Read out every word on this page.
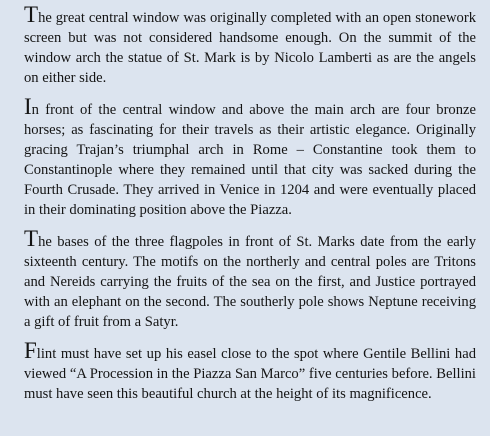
The great central window was originally completed with an open stonework screen but was not considered handsome enough. On the summit of the window arch the statue of St. Mark is by Nicolo Lamberti as are the angels on either side.

In front of the central window and above the main arch are four bronze horses; as fascinating for their travels as their artistic elegance. Originally gracing Trajan’s triumphal arch in Rome – Constantine took them to Constantinople where they remained until that city was sacked during the Fourth Crusade. They arrived in Venice in 1204 and were eventually placed in their dominating position above the Piazza.

The bases of the three flagpoles in front of St. Marks date from the early sixteenth century. The motifs on the northerly and central poles are Tritons and Nereids carrying the fruits of the sea on the first, and Justice portrayed with an elephant on the second. The southerly pole shows Neptune receiving a gift of fruit from a Satyr.

Flint must have set up his easel close to the spot where Gentile Bellini had viewed “A Procession in the Piazza San Marco” five centuries before. Bellini must have seen this beautiful church at the height of its magnificence.
